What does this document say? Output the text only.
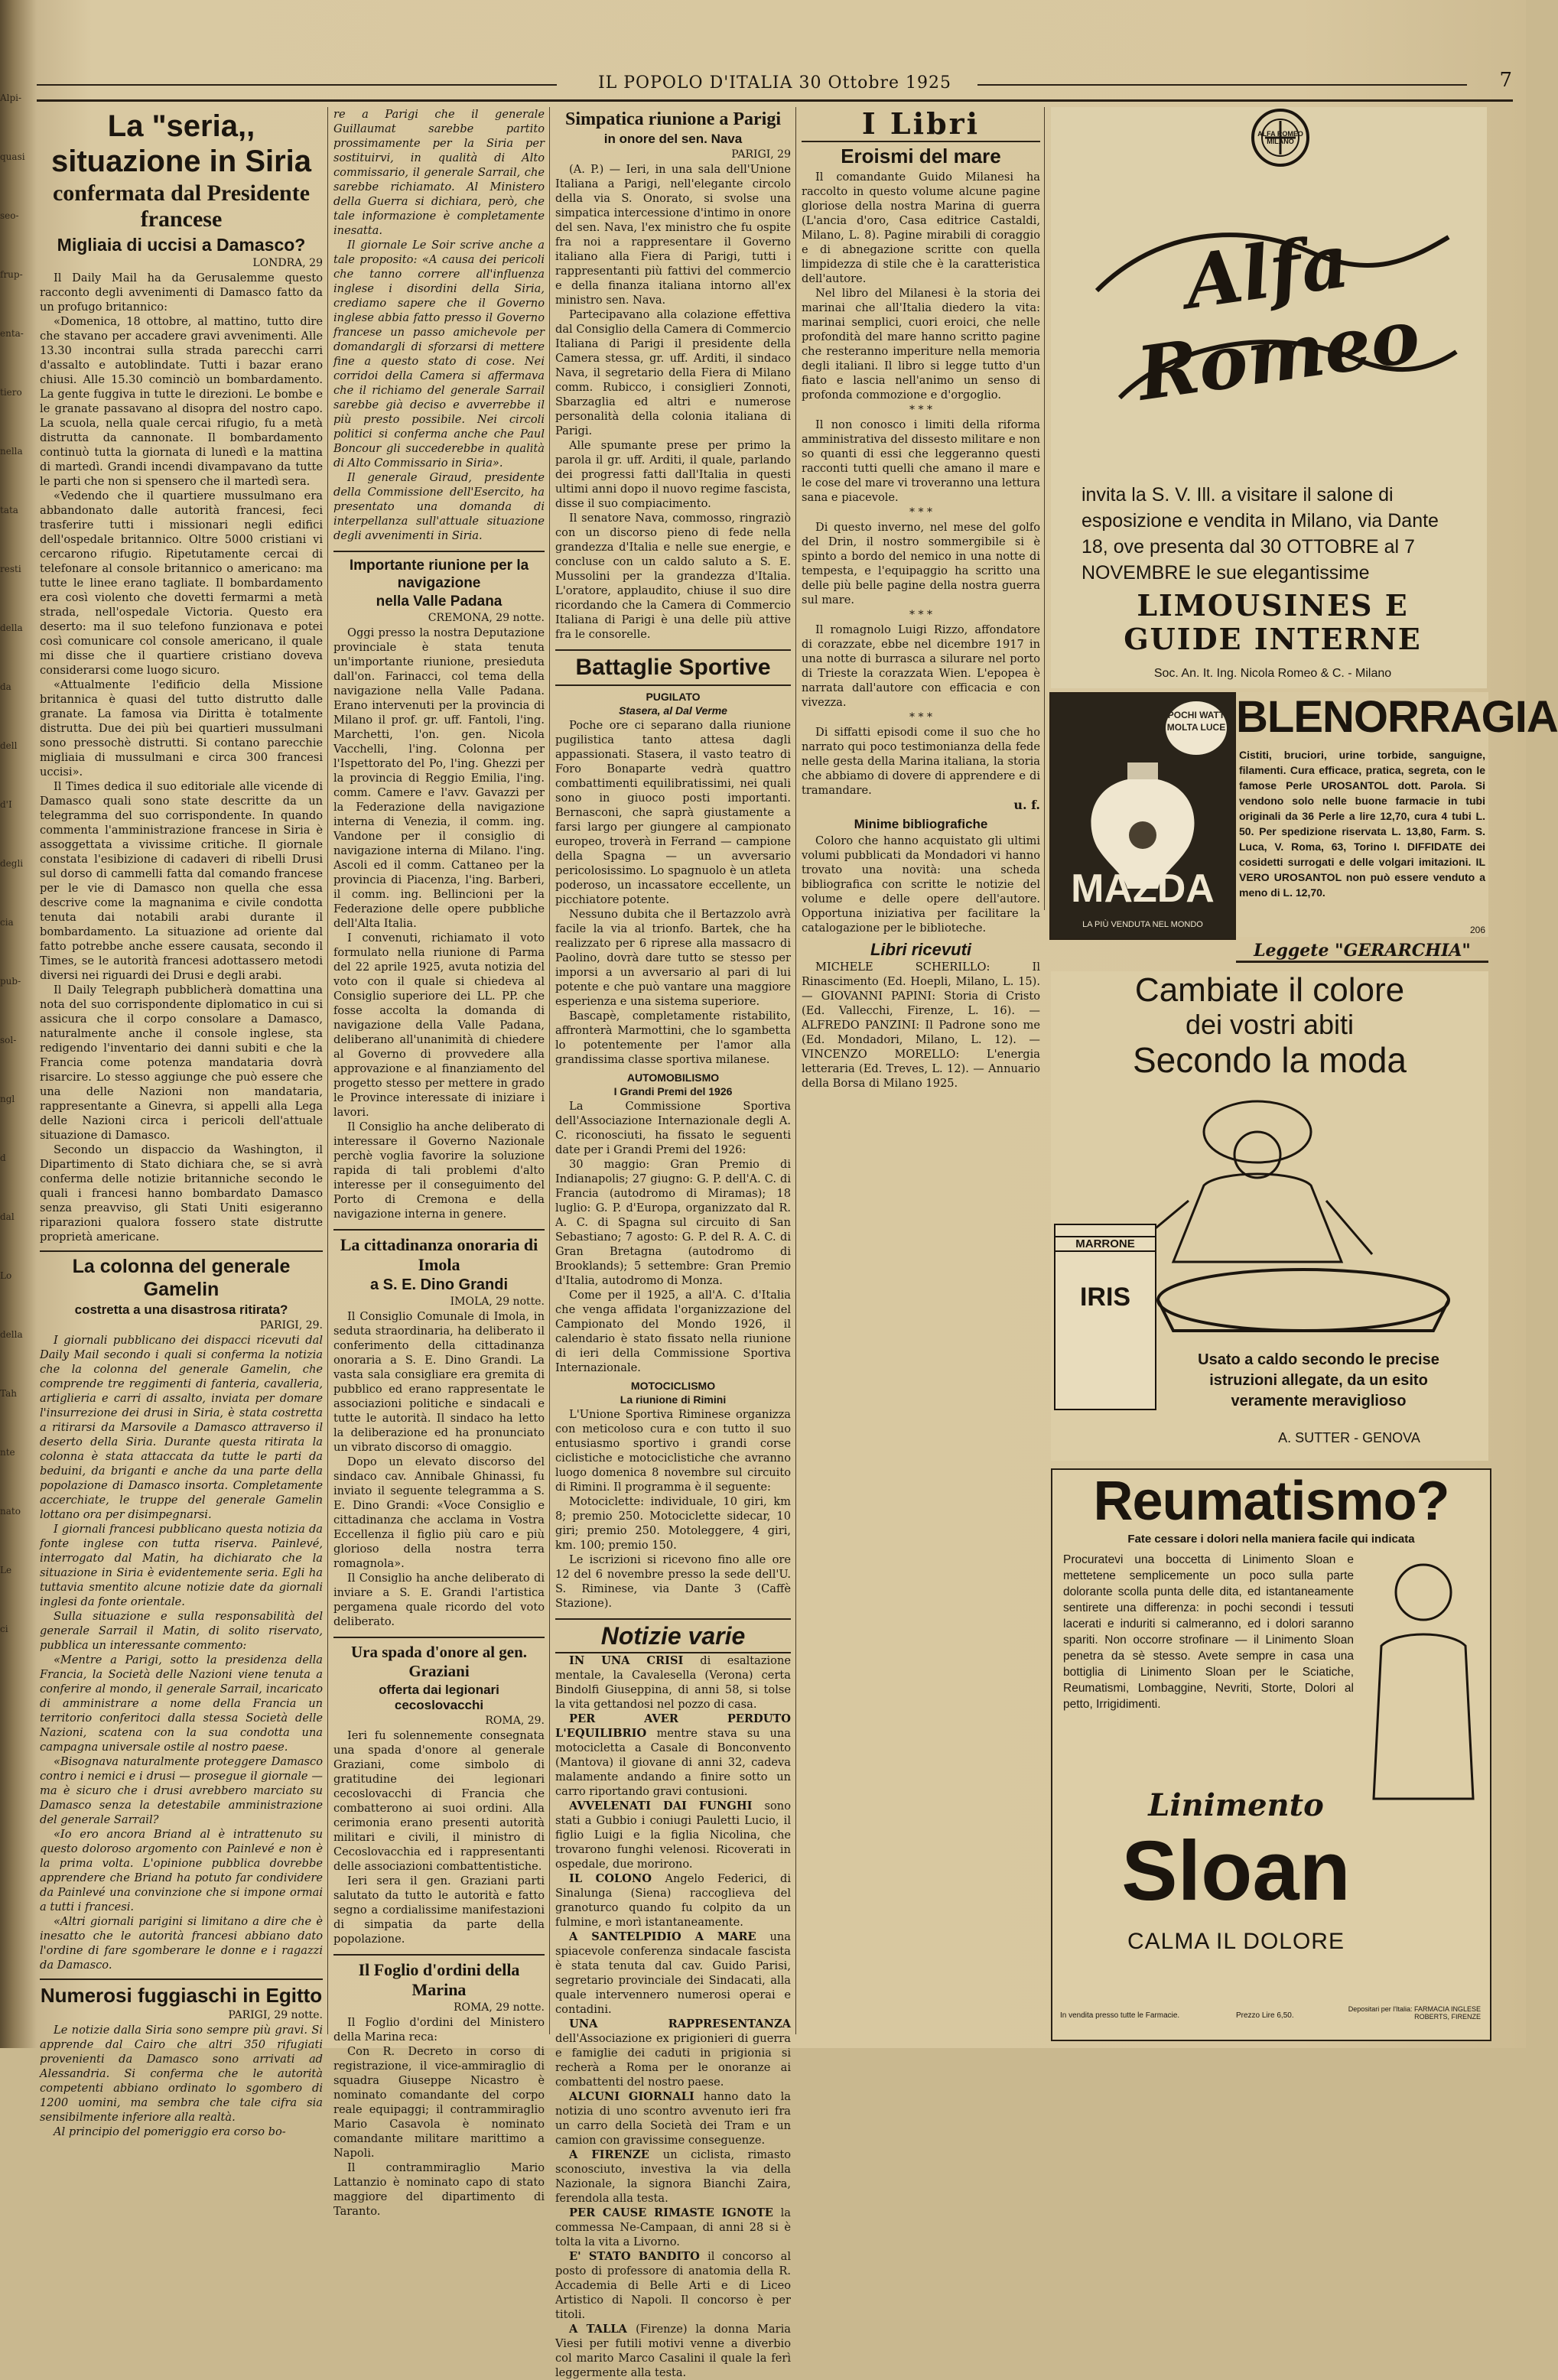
Alpi-
quasi
seo-
frup-
enta-
tiero
nella
tata
resti
della
da
dell
d'I
degli
cia
pub-
sol-
ngl
d
dal
Lo
della
Tah
nte
nato
Le
ci
IL POPOLO D'ITALIA 30 Ottobre 1925	7
La "seria,, situazione in Siria
confermata dal Presidente francese
Migliaia di uccisi a Damasco?
LONDRA, 29

Il Daily Mail ha da Gerusalemme questo racconto degli avvenimenti di Damasco fatto da un profugo britannico:

«Domenica, 18 ottobre, al mattino, tutto dire che stavano per accadere gravi avvenimenti. Alle 13.30 incontrai sulla strada parecchi carri d'assalto e autoblindate. Tutti i bazar erano chiusi. Alle 15.30 cominciò un bombardamento. La gente fuggiva in tutte le direzioni. Le bombe e le granate passavano al disopra del nostro capo. La scuola, nella quale cercai rifugio, fu a metà distrutta da cannonate. Il bombardamento continuò tutta la giornata di lunedì e la mattina di martedì. Grandi incendi divampavano da tutte le parti che non si spensero che il martedì sera.

«Vedendo che il quartiere mussulmano era abbandonato dalle autorità francesi, feci trasferire tutti i missionari negli edifici dell'ospedale britannico. Oltre 5000 cristiani vi cercarono rifugio. Ripetutamente cercai di telefonare al console britannico o americano: ma tutte le linee erano tagliate. Il bombardamento era così violento che dovetti fermarmi a metà strada, nell'ospedale Victoria. Questo era deserto: ma il suo telefono funzionava e potei così comunicare col console americano, il quale mi disse che il quartiere cristiano doveva considerarsi come luogo sicuro.

«Attualmente l'edificio della Missione britannica è quasi del tutto distrutto dalle granate. La famosa via Diritta è totalmente distrutta. Due dei più bei quartieri mussulmani sono pressochè distrutti. Si contano parecchie migliaia di mussulmani e circa 300 francesi uccisi».

Il Times dedica il suo editoriale alle vicende di Damasco quali sono state descritte da un telegramma del suo corrispondente. In quando commenta l'amministrazione francese in Siria è assoggettata a vivissime critiche. Il giornale constata l'esibizione di cadaveri di ribelli Drusi sul dorso di cammelli fatta dal comando francese per le vie di Damasco non quella che essa descrive come la magnanima e civile condotta tenuta dai notabili arabi durante il bombardamento. La situazione ad oriente dal fatto potrebbe anche essere causata, secondo il Times, se le autorità francesi adottassero metodi diversi nei riguardi dei Drusi e degli arabi.

Il Daily Telegraph pubblicherà domattina una nota del suo corrispondente diplomatico in cui si assicura che il corpo consolare a Damasco, naturalmente anche il console inglese, sta redigendo l'inventario dei danni subiti e che la Francia come potenza mandataria dovrà risarcire. Lo stesso aggiunge che può essere che una delle Nazioni non mandataria, rappresentante a Ginevra, si appelli alla Lega delle Nazioni circa i pericoli dell'attuale situazione di Damasco.

Secondo un dispaccio da Washington, il Dipartimento di Stato dichiara che, se si avrà conferma delle notizie britanniche secondo le quali i francesi hanno bombardato Damasco senza preavviso, gli Stati Uniti esigeranno riparazioni qualora fossero state distrutte proprietà americane.

La colonna del generale Gamelin
costretta a una disastrosa ritirata?
PARIGI, 29.

I giornali pubblicano dei dispacci ricevuti dal Daily Mail secondo i quali si conferma la notizia che la colonna del generale Gamelin, che comprende tre reggimenti di fanteria, cavalleria, artiglieria e carri di assalto, inviata per domare l'insurrezione dei drusi in Siria, è stata costretta a ritirarsi da Marsovile a Damasco attraverso il deserto della Siria. Durante questa ritirata la colonna è stata attaccata da tutte le parti da beduini, da briganti e anche da una parte della popolazione di Damasco insorta. Completamente accerchiate, le truppe del generale Gamelin lottano ora per disimpegnarsi.

I giornali francesi pubblicano questa notizia da fonte inglese con tutta riserva. Painlevé, interrogato dal Matin, ha dichiarato che la situazione in Siria è evidentemente seria. Egli ha tuttavia smentito alcune notizie date da giornali inglesi da fonte orientale.

Sulla situazione e sulla responsabilità del generale Sarrail il Matin, di solito riservato, pubblica un interessante commento:

«Mentre a Parigi, sotto la presidenza della Francia, la Società delle Nazioni viene tenuta a conferire al mondo, il generale Sarrail, incaricato di amministrare a nome della Francia un territorio conferitoci dalla stessa Società delle Nazioni, scatena con la sua condotta una campagna universale ostile al nostro paese.

«Bisognava naturalmente proteggere Damasco contro i nemici e i drusi — prosegue il giornale — ma è sicuro che i drusi avrebbero marciato su Damasco senza la detestabile amministrazione del generale Sarrail?

«Io ero ancora Briand al è intrattenuto su questo doloroso argomento con Painlevé e non è la prima volta. L'opinione pubblica dovrebbe apprendere che Briand ha potuto far condividere da Painlevé una convinzione che si impone ormai a tutti i francesi.

«Altri giornali parigini si limitano a dire che è inesatto che le autorità francesi abbiano dato l'ordine di fare sgomberare le donne e i ragazzi da Damasco.

Numerosi fuggiaschi in Egitto
PARIGI, 29 notte.

Le notizie dalla Siria sono sempre più gravi. Si apprende dal Cairo che altri 350 rifugiati provenienti da Damasco sono arrivati ad Alessandria. Si conferma che le autorità competenti abbiano ordinato lo sgombero di 1200 uomini, ma sembra che tale cifra sia sensibilmente inferiore alla realtà.

Al principio del pomeriggio era corso bo-

re a Parigi che il generale Guillaumat sarebbe partito prossimamente per la Siria per sostituirvi, in qualità di Alto commissario, il generale Sarrail, che sarebbe richiamato. Al Ministero della Guerra si dichiara, però, che tale informazione è completamente inesatta.

Il giornale Le Soir scrive anche a tale proposito: «A causa dei pericoli che tanno correre all'influenza inglese i disordini della Siria, crediamo sapere che il Governo inglese abbia fatto presso il Governo francese un passo amichevole per domandargli di sforzarsi di mettere fine a questo stato di cose. Nei corridoi della Camera si affermava che il richiamo del generale Sarrail sarebbe già deciso e avverrebbe il più presto possibile. Nei circoli politici si conferma anche che Paul Boncour gli succederebbe in qualità di Alto Commissario in Siria».

Il generale Giraud, presidente della Commissione dell'Esercito, ha presentato una domanda di interpellanza sull'attuale situazione degli avvenimenti in Siria.

Importante riunione per la navigazione
nella Valle Padana
CREMONA, 29 notte.

Oggi presso la nostra Deputazione provinciale è stata tenuta un'importante riunione, presieduta dall'on. Farinacci, col tema della navigazione nella Valle Padana. Erano intervenuti per la provincia di Milano il prof. gr. uff. Fantoli, l'ing. Marchetti, l'on. gen. Nicola Vacchelli, l'ing. Colonna per l'Ispettorato del Po, l'ing. Ghezzi per la provincia di Reggio Emilia, l'ing. comm. Camere e l'avv. Gavazzi per la Federazione della navigazione interna di Venezia, il comm. ing. Vandone per il consiglio di navigazione interna di Milano. l'ing. Ascoli ed il comm. Cattaneo per la provincia di Piacenza, l'ing. Barberi, il comm. ing. Bellincioni per la Federazione delle opere pubbliche dell'Alta Italia.

I convenuti, richiamato il voto formulato nella riunione di Parma del 22 aprile 1925, avuta notizia del voto con il quale si chiedeva al Consiglio superiore dei LL. PP. che fosse accolta la domanda di navigazione della Valle Padana, deliberano all'unanimità di chiedere al Governo di provvedere alla approvazione e al finanziamento del progetto stesso per mettere in grado le Province interessate di iniziare i lavori.

Il Consiglio ha anche deliberato di interessare il Governo Nazionale perchè voglia favorire la soluzione rapida di tali problemi d'alto interesse per il conseguimento del Porto di Cremona e della navigazione interna in genere.

La cittadinanza onoraria di Imola
a S. E. Dino Grandi
IMOLA, 29 notte.

Il Consiglio Comunale di Imola, in seduta straordinaria, ha deliberato il conferimento della cittadinanza onoraria a S. E. Dino Grandi. La vasta sala consigliare era gremita di pubblico ed erano rappresentate le associazioni politiche e sindacali e tutte le autorità. Il sindaco ha letto la deliberazione ed ha pronunciato un vibrato discorso di omaggio.

Dopo un elevato discorso del sindaco cav. Annibale Ghinassi, fu inviato il seguente telegramma a S. E. Dino Grandi: «Voce Consiglio e cittadinanza che acclama in Vostra Eccellenza il figlio più caro e più glorioso della nostra terra romagnola».

Il Consiglio ha anche deliberato di inviare a S. E. Grandi l'artistica pergamena quale ricordo del voto deliberato.

Ura spada d'onore al gen. Graziani
offerta dai legionari cecoslovacchi
ROMA, 29.

Ieri fu solennemente consegnata una spada d'onore al generale Graziani, come simbolo di gratitudine dei legionari cecoslovacchi di Francia che combatterono ai suoi ordini. Alla cerimonia erano presenti autorità militari e civili, il ministro di Cecoslovacchia ed i rappresentanti delle associazioni combattentistiche.

Ieri sera il gen. Graziani parti salutato da tutto le autorità e fatto segno a cordialissime manifestazioni di simpatia da parte della popolazione.

Il Foglio d'ordini della Marina
ROMA, 29 notte.

Il Foglio d'ordini del Ministero della Marina reca:

Con R. Decreto in corso di registrazione, il vice-ammiraglio di squadra Giuseppe Nicastro è nominato comandante del corpo reale equipaggi; il contrammiraglio Mario Casavola è nominato comandante militare marittimo a Napoli.

Il contrammiraglio Mario Lattanzio è nominato capo di stato maggiore del dipartimento di Taranto.

Simpatica riunione a Parigi
in onore del sen. Nava
PARIGI, 29

(A. P.) — Ieri, in una sala dell'Unione Italiana a Parigi, nell'elegante circolo della via S. Onorato, si svolse una simpatica intercessione d'intimo in onore del sen. Nava, l'ex ministro che fu ospite fra noi a rappresentare il Governo italiano alla Fiera di Parigi, tutti i rappresentanti più fattivi del commercio e della finanza italiana intorno all'ex ministro sen. Nava.

Partecipavano alla colazione effettiva dal Consiglio della Camera di Commercio Italiana di Parigi il presidente della Camera stessa, gr. uff. Arditi, il sindaco Nava, il segretario della Fiera di Milano comm. Rubicco, i consiglieri Zonnoti, Sbarzaglia ed altri e numerose personalità della colonia italiana di Parigi.

Alle spumante prese per primo la parola il gr. uff. Arditi, il quale, parlando dei progressi fatti dall'Italia in questi ultimi anni dopo il nuovo regime fascista, disse il suo compiacimento.

Il senatore Nava, commosso, ringraziò con un discorso pieno di fede nella grandezza d'Italia e nelle sue energie, e concluse con un caldo saluto a S. E. Mussolini per la grandezza d'Italia. L'oratore, applaudito, chiuse il suo dire ricordando che la Camera di Commercio Italiana di Parigi è una delle più attive fra le consorelle.

Battaglie Sportive
PUGILATO
Stasera, al Dal Verme

Poche ore ci separano dalla riunione pugilistica tanto attesa dagli appassionati. Stasera, il vasto teatro di Foro Bonaparte vedrà quattro combattimenti equilibratissimi, nei quali sono in giuoco posti importanti. Bernasconi, che saprà giustamente a farsi largo per giungere al campionato europeo, troverà in Ferrand — campione della Spagna — un avversario pericolosissimo. Lo spagnuolo è un atleta poderoso, un incassatore eccellente, un picchiatore potente.

Nessuno dubita che il Bertazzolo avrà facile la via al trionfo. Bartek, che ha realizzato per 6 riprese alla massacro di Paolino, dovrà dare tutto se stesso per imporsi a un avversario al pari di lui potente e che può vantare una maggiore esperienza e una sistema superiore.

Bascapè, completamente ristabilito, affronterà Marmottini, che lo sgambetta lo potentemente per l'amor alla grandissima classe sportiva milanese.

AUTOMOBILISMO
I Grandi Premi del 1926

La Commissione Sportiva dell'Associazione Internazionale degli A. C. riconosciuti, ha fissato le seguenti date per i Grandi Premi del 1926:

30 maggio: Gran Premio di Indianapolis; 27 giugno: G. P. dell'A. C. di Francia (autodromo di Miramas); 18 luglio: G. P. d'Europa, organizzato dal R. A. C. di Spagna sul circuito di San Sebastiano; 7 agosto: G. P. del R. A. C. di Gran Bretagna (autodromo di Brooklands); 5 settembre: Gran Premio d'Italia, autodromo di Monza.

Come per il 1925, a all'A. C. d'Italia che venga affidata l'organizzazione del Campionato del Mondo 1926, il calendario è stato fissato nella riunione di ieri della Commissione Sportiva Internazionale.

MOTOCICLISMO
La riunione di Rimini

L'Unione Sportiva Riminese organizza con meticoloso cura e con tutto il suo entusiasmo sportivo i grandi corse ciclistiche e motociclistiche che avranno luogo domenica 8 novembre sul circuito di Rimini. Il programma è il seguente:

Motociclette: individuale, 10 giri, km 8; premio 250. Motociclette sidecar, 10 giri; premio 250. Motoleggere, 4 giri, km. 100; premio 150.

Le iscrizioni si ricevono fino alle ore 12 del 6 novembre presso la sede dell'U. S. Riminese, via Dante 3 (Caffè Stazione).

Notizie varie

IN UNA CRISI di esaltazione mentale, la Cavalesella (Verona) certa Bindolfi Giuseppina, di anni 58, si tolse la vita gettandosi nel pozzo di casa.

PER AVER PERDUTO L'EQUILIBRIO mentre stava su una motocicletta a Casale di Bonconvento (Mantova) il giovane di anni 32, cadeva malamente andando a finire sotto un carro riportando gravi contusioni.

AVVELENATI DAI FUNGHI sono stati a Gubbio i coniugi Pauletti Lucio, il figlio Luigi e la figlia Nicolina, che trovarono funghi velenosi. Ricoverati in ospedale, due morirono.

IL COLONO Angelo Federici, di Sinalunga (Siena) raccoglieva del granoturco quando fu colpito da un fulmine, e morì istantaneamente.

A SANTELPIDIO A MARE una spiacevole conferenza sindacale fascista è stata tenuta dal cav. Guido Parisi, segretario provinciale dei Sindacati, alla quale intervennero numerosi operai e contadini.

UNA RAPPRESENTANZA dell'Associazione ex prigionieri di guerra e famiglie dei caduti in prigionia si recherà a Roma per le onoranze ai combattenti del nostro paese.

ALCUNI GIORNALI hanno dato la notizia di uno scontro avvenuto ieri fra un carro della Società dei Tram e un camion con gravissime conseguenze.

A FIRENZE un ciclista, rimasto sconosciuto, investiva la via della Nazionale, la signora Bianchi Zaira, ferendola alla testa.

PER CAUSE RIMASTE IGNOTE la commessa Ne-Campaan, di anni 28 si è tolta la vita a Livorno.

E' STATO BANDITO il concorso al posto di professore di anatomia della R. Accademia di Belle Arti e di Liceo Artistico di Napoli. Il concorso è per titoli.

A TALLA (Firenze) la donna Maria Viesi per futili motivi venne a diverbio col marito Marco Casalini il quale la ferì leggermente alla testa.

I Libri
Eroismi del mare

Il comandante Guido Milanesi ha raccolto in questo volume alcune pagine gloriose della nostra Marina di guerra (L'ancia d'oro, Casa editrice Castaldi, Milano, L. 8). Pagine mirabili di coraggio e di abnegazione scritte con quella limpidezza di stile che è la caratteristica dell'autore.

Nel libro del Milanesi è la storia dei marinai che all'Italia diedero la vita: marinai semplici, cuori eroici, che nelle profondità del mare hanno scritto pagine che resteranno imperiture nella memoria degli italiani. Il libro si legge tutto d'un fiato e lascia nell'animo un senso di profonda commozione e d'orgoglio.

* * *

Il non conosco i limiti della riforma amministrativa del dissesto militare e non so quanti di essi che leggeranno questi racconti tutti quelli che amano il mare e le cose del mare vi troveranno una lettura sana e piacevole.

* * *

Di questo inverno, nel mese del golfo del Drin, il nostro sommergibile si è spinto a bordo del nemico in una notte di tempesta, e l'equipaggio ha scritto una delle più belle pagine della nostra guerra sul mare.

* * *

Il romagnolo Luigi Rizzo, affondatore di corazzate, ebbe nel dicembre 1917 in una notte di burrasca a silurare nel porto di Trieste la corazzata Wien. L'epopea è narrata dall'autore con efficacia e con vivezza.

* * *

Di siffatti episodi come il suo che ho narrato qui poco testimonianza della fede nelle gesta della Marina italiana, la storia che abbiamo di dovere di apprendere e di tramandare.

u. f.
Minime bibliografiche

Coloro che hanno acquistato gli ultimi volumi pubblicati da Mondadori vi hanno trovato una novità: una scheda bibliografica con scritte le notizie del volume e delle opere dell'autore. Opportuna iniziativa per facilitare la catalogazione per le biblioteche.

Libri ricevuti

MICHELE SCHERILLO: Il Rinascimento (Ed. Hoepli, Milano, L. 15). — GIOVANNI PAPINI: Storia di Cristo (Ed. Vallecchi, Firenze, L. 16). — ALFREDO PANZINI: Il Padrone sono me (Ed. Mondadori, Milano, L. 12). — VINCENZO MORELLO: L'energia letteraria (Ed. Treves, L. 12). — Annuario della Borsa di Milano 1925.

ALFA ROMEO MILANO
Alfa Romeo

invita la S. V. Ill. a visitare il salone di esposizione e vendita in Milano, via Dante 18, ove presenta dal 30 OTTOBRE al 7 NOVEMBRE le sue elegantissime

LIMOUSINES E GUIDE INTERNE
Soc. An. It. Ing. Nicola Romeo & C. - Milano
POCHI WATT MOLTA LUCE
MAZDA
LA PIÙ VENDUTA NEL MONDO
BLENORRAGIA

Cistiti, bruciori, urine torbide, sanguigne, filamenti. Cura efficace, pratica, segreta, con le famose Perle UROSANTOL dott. Parola. Si vendono solo nelle buone farmacie in tubi originali da 36 Perle a lire 12,70, cura 4 tubi L. 50. Per spedizione riservata L. 13,80, Farm. S. Luca, V. Roma, 63, Torino I. DIFFIDATE dei cosidetti surrogati e delle volgari imitazioni. IL VERO UROSANTOL non può essere venduto a meno di L. 12,70.

206
Leggete "GERARCHIA"
Cambiate il colore
dei vostri abiti
Secondo la moda
MARRONE
IRIS

Usato a caldo secondo le precise istruzioni allegate, da un esito veramente meraviglioso

A. SUTTER - GENOVA
Reumatismo?
Fate cessare i dolori nella maniera facile qui indicata

Procuratevi una boccetta di Linimento Sloan e mettetene semplicemente un poco sulla parte dolorante scolla punta delle dita, ed istantaneamente sentirete una differenza: in pochi secondi i tessuti lacerati e induriti si calmeranno, ed i dolori saranno spariti. Non occorre strofinare — il Linimento Sloan penetra da sè stesso. Avete sempre in casa una bottiglia di Linimento Sloan per le Sciatiche, Reumatismi, Lombaggine, Nevriti, Storte, Dolori al petto, Irrigidimenti.

Linimento
Sloan
CALMA IL DOLORE
In vendita presso tutte le Farmacie.	Prezzo Lire 6,50.
Depositari per l'Italia: FARMACIA INGLESE ROBERTS, FIRENZE
